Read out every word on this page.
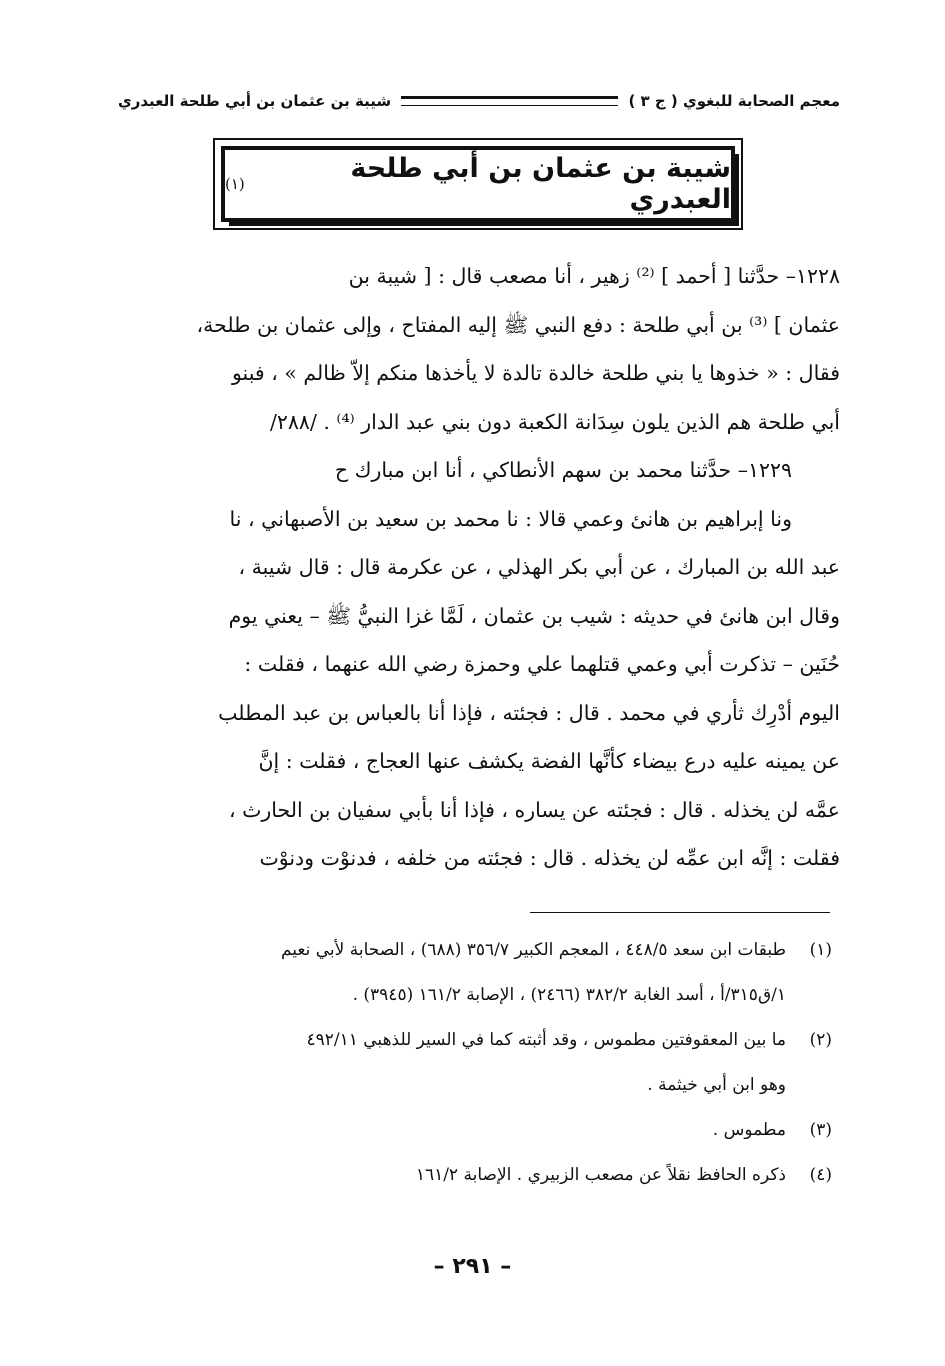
معجم الصحابة للبغوي ( ج ٣ )
شيبة بن عثمان بن أبي طلحة العبدري
شيبة بن عثمان بن أبي طلحة العبدري
(١)

١٢٢٨– حدَّثنا [ أحمد ] ⁽²⁾ زهير ، أنا مصعب قال : [ شيبة بن

عثمان ] ⁽³⁾ بن أبي طلحة : دفع النبي ﷺ إليه المفتاح ، وإلى عثمان بن طلحة،

فقال : « خذوها يا بني طلحة خالدة تالدة لا يأخذها منكم إلاّ ظالم » ، فبنو

أبي طلحة هم الذين يلون سِدَانة الكعبة دون بني عبد الدار ⁽⁴⁾ . /٢٨٨/

١٢٢٩– حدَّثنا محمد بن سهم الأنطاكي ، أنا ابن مبارك ح

ونا إبراهيم بن هانئ وعمي قالا : نا محمد بن سعيد بن الأصبهاني ، نا

عبد الله بن المبارك ، عن أبي بكر الهذلي ، عن عكرمة قال : قال شيبة ،

وقال ابن هانئ في حديثه : شيب بن عثمان ، لَمَّا غزا النبيُّ ﷺ – يعني يوم

حُنَين – تذكرت أبي وعمي قتلهما علي وحمزة رضي الله عنهما ، فقلت :

اليوم أدْرِك ثأري في محمد . قال : فجئته ، فإذا أنا بالعباس بن عبد المطلب

عن يمينه عليه درع بيضاء كأنَّها الفضة يكشف عنها العجاج ، فقلت : إنَّ

عمَّه لن يخذله . قال : فجئته عن يساره ، فإذا أنا بأبي سفيان بن الحارث ،

فقلت : إنَّه ابن عمِّه لن يخذله . قال : فجئته من خلفه ، فدنوْت ودنوْت

(١)
طبقات ابن سعد ٤٤٨/٥ ، المعجم الكبير ٣٥٦/٧ (٦٨٨) ، الصحابة لأبي نعيم
١/ق٣١٥/أ ، أسد الغابة ٣٨٢/٢ (٢٤٦٦) ، الإصابة ١٦١/٢ (٣٩٤٥) .
(٢)
ما بين المعقوفتين مطموس ، وقد أثبته كما في السير للذهبي ٤٩٢/١١
وهو ابن أبي خيثمة .
(٣)
مطموس .
(٤)
ذكره الحافظ نقلاً عن مصعب الزبيري . الإصابة ١٦١/٢
– ٢٩١ –
